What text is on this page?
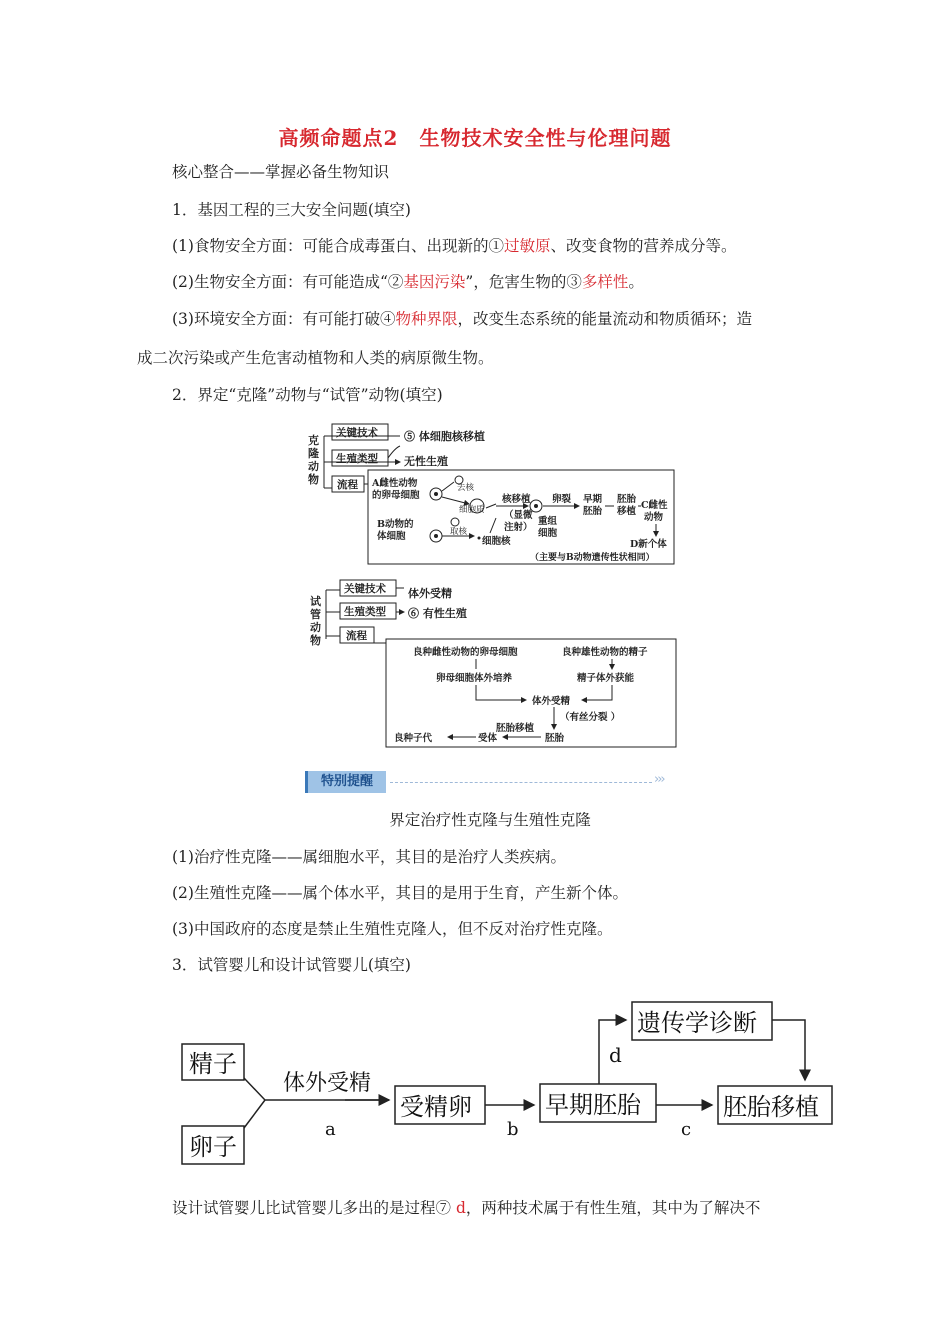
高频命题点2　生物技术安全性与伦理问题
核心整合——掌握必备生物知识
1．基因工程的三大安全问题(填空)
(1)食物安全方面：可能合成毒蛋白、出现新的①过敏原、改变食物的营养成分等。
(2)生物安全方面：有可能造成“②基因污染”，危害生物的③多样性。
(3)环境安全方面：有可能打破④物种界限，改变生态系统的能量流动和物质循环；造
成二次污染或产生危害动植物和人类的病原微生物。
2．界定“克隆”动物与“试管”动物(填空)
克
隆
动
物
关键技术
生殖类型
流程
⑤ 体细胞核移植
无性生殖
A雌性动物
的卵母细胞
B动物的
体细胞
去核
细胞质
取核
细胞核
核移植
（显微
注射）
重组
细胞
卵裂 早期
胚胎
胚胎
移植
C雌性
动物
D新个体
（主要与B动物遗传性状相同）
试
管
动
物
关键技术
生殖类型
流程
体外受精
⑥ 有性生殖
良种雌性动物的卵母细胞	良种雄性动物的精子
卵母细胞体外培养	精子体外获能
体外受精
（有丝分裂 ）
胚胎
胚胎移植
受体
良种子代
特别提醒	›››
界定治疗性克隆与生殖性克隆
(1)治疗性克隆——属细胞水平，其目的是治疗人类疾病。
(2)生殖性克隆——属个体水平，其目的是用于生育，产生新个体。
(3)中国政府的态度是禁止生殖性克隆人，但不反对治疗性克隆。
3．试管婴儿和设计试管婴儿(填空)
精子
卵子
受精卵	早期胚胎	胚胎移植
遗传学诊断
体外受精
a	b	c
d
设计试管婴儿比试管婴儿多出的是过程⑦ d，两种技术属于有性生殖，其中为了解决不
